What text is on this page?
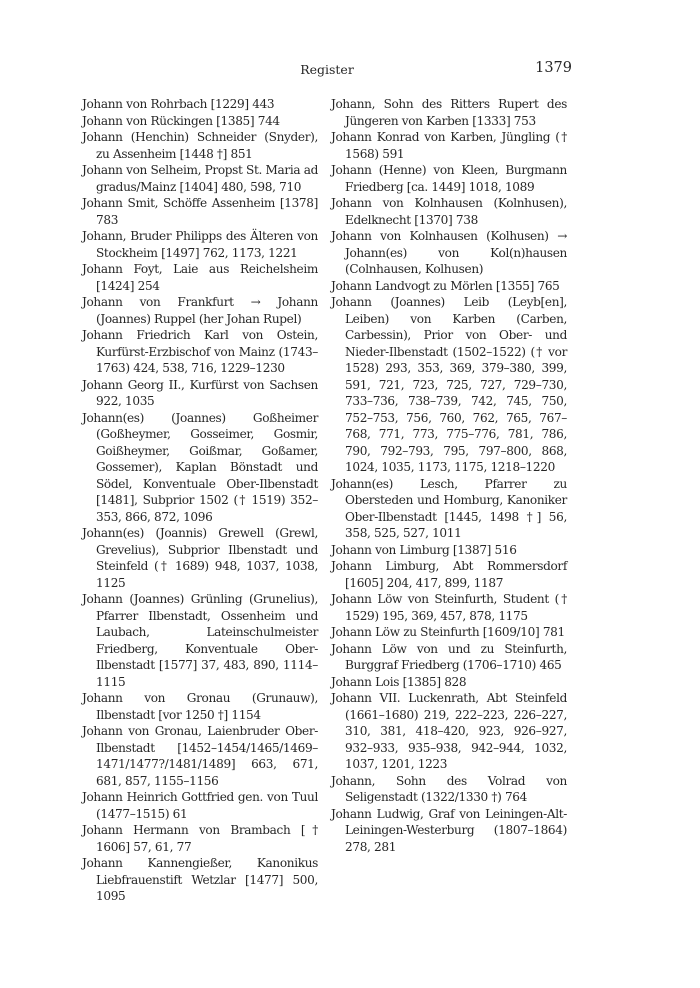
Register	1379

Johann von Rohrbach [1229] 443

Johann von Rückingen [1385] 744

Johann (Henchin) Schneider (Snyder), zu Assenheim [1448 †] 851

Johann von Selheim, Propst St. Maria ad gradus/Mainz [1404] 480, 598, 710

Johann Smit, Schöffe Assenheim [1378] 783

Johann, Bruder Philipps des Älteren von Stockheim [1497] 762, 1173, 1221

Johann Foyt, Laie aus Reichelsheim [1424] 254

Johann von Frankfurt → Johann (Joannes) Ruppel (her Johan Rupel)

Johann Friedrich Karl von Ostein, Kurfürst-Erzbischof von Mainz (1743–1763) 424, 538, 716, 1229–1230

Johann Georg II., Kurfürst von Sachsen 922, 1035

Johann(es) (Joannes) Goßheimer (Goßheymer, Gosseimer, Gosmir, Goißheymer, Goißmar, Goßamer, Gossemer), Kaplan Bönstadt und Södel, Konventuale Ober-Ilbenstadt [1481], Subprior 1502 († 1519) 352–353, 866, 872, 1096

Johann(es) (Joannis) Grewell (Grewl, Grevelius), Subprior Ilbenstadt und Steinfeld († 1689) 948, 1037, 1038, 1125

Johann (Joannes) Grünling (Grunelius), Pfarrer Ilbenstadt, Ossenheim und Laubach, Lateinschulmeister Friedberg, Konventuale Ober-Ilbenstadt [1577] 37, 483, 890, 1114–1115

Johann von Gronau (Grunauw), Ilbenstadt [vor 1250 †] 1154

Johann von Gronau, Laienbruder Ober-Ilbenstadt [1452–1454/1465/1469–1471/1477?/1481/1489] 663, 671, 681, 857, 1155–1156

Johann Heinrich Gottfried gen. von Tuul (1477–1515) 61

Johann Hermann von Brambach [† 1606] 57, 61, 77

Johann Kannengießer, Kanonikus Liebfrauenstift Wetzlar [1477] 500, 1095

Johann, Sohn des Ritters Rupert des Jüngeren von Karben [1333] 753

Johann Konrad von Karben, Jüngling († 1568) 591

Johann (Henne) von Kleen, Burgmann Friedberg [ca. 1449] 1018, 1089

Johann von Kolnhausen (Kolnhusen), Edelknecht [1370] 738

Johann von Kolnhausen (Kolhusen) → Johann(es) von Kol(n)hausen (Colnhausen, Kolhusen)

Johann Landvogt zu Mörlen [1355] 765

Johann (Joannes) Leib (Leyb[en], Leiben) von Karben (Carben, Carbessin), Prior von Ober- und Nieder-Ilbenstadt (1502–1522) († vor 1528) 293, 353, 369, 379–380, 399, 591, 721, 723, 725, 727, 729–730, 733–736, 738–739, 742, 745, 750, 752–753, 756, 760, 762, 765, 767–768, 771, 773, 775–776, 781, 786, 790, 792–793, 795, 797–800, 868, 1024, 1035, 1173, 1175, 1218–1220

Johann(es) Lesch, Pfarrer zu Obersteden und Homburg, Kanoniker Ober-Ilbenstadt [1445, 1498 †] 56, 358, 525, 527, 1011

Johann von Limburg [1387] 516

Johann Limburg, Abt Rommersdorf [1605] 204, 417, 899, 1187

Johann Löw von Steinfurth, Student († 1529) 195, 369, 457, 878, 1175

Johann Löw zu Steinfurth [1609/10] 781

Johann Löw von und zu Steinfurth, Burggraf Friedberg (1706–1710) 465

Johann Lois [1385] 828

Johann VII. Luckenrath, Abt Steinfeld (1661–1680) 219, 222–223, 226–227, 310, 381, 418–420, 923, 926–927, 932–933, 935–938, 942–944, 1032, 1037, 1201, 1223

Johann, Sohn des Volrad von Seligenstadt (1322/1330 †) 764

Johann Ludwig, Graf von Leiningen-Alt-Leiningen-Westerburg (1807–1864) 278, 281
